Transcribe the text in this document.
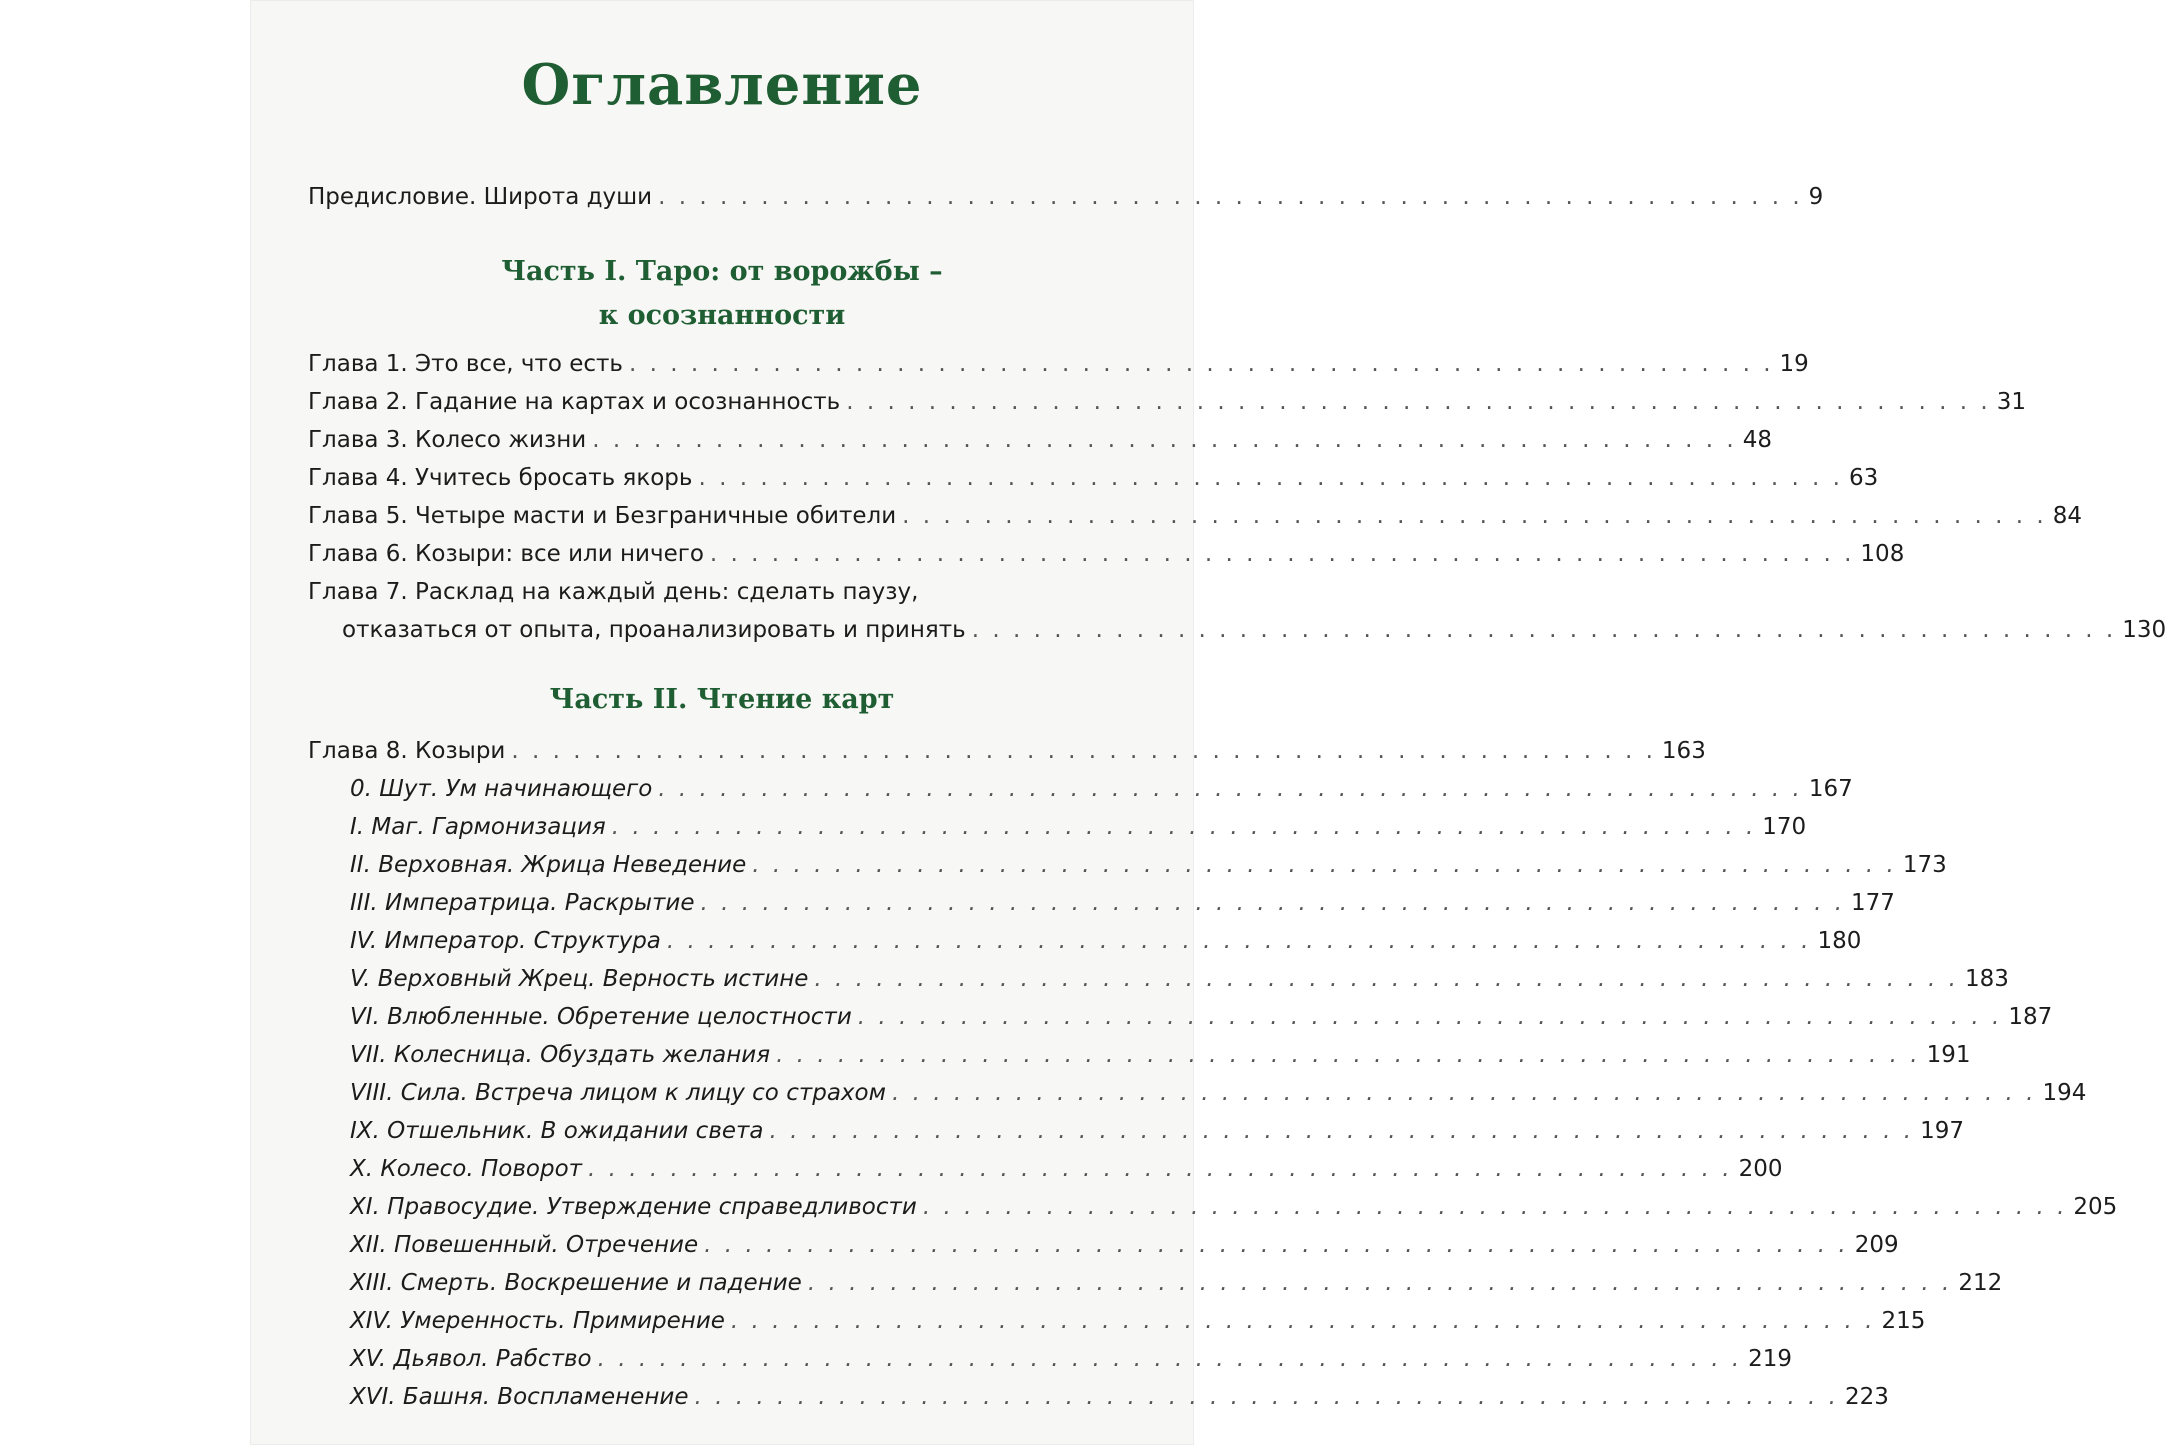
Оглавление
Предисловие. Широта души . . . . . . . . . . . . . . . . . . . . . . . . . . . . . . . . . . . . . . . . . . . . . . . . . . . . . . . . 9
Часть I. Таро: от ворожбы –
к осознанности
Глава 1. Это все, что есть . . . . . . . . . . . . . . . . . . . . . . . . . . . . . . . . . . . . . . . . . . . . . . . . . . . . . . . . 19
Глава 2. Гадание на картах и осознанность . . . . . . . . . . . . . . . . . . . . . . . . . . . . . . . . . . . . . . . . . . . . . . . . . . . . . . . . 31
Глава 3. Колесо жизни . . . . . . . . . . . . . . . . . . . . . . . . . . . . . . . . . . . . . . . . . . . . . . . . . . . . . . . . 48
Глава 4. Учитесь бросать якорь . . . . . . . . . . . . . . . . . . . . . . . . . . . . . . . . . . . . . . . . . . . . . . . . . . . . . . . . 63
Глава 5. Четыре масти и Безграничные обители . . . . . . . . . . . . . . . . . . . . . . . . . . . . . . . . . . . . . . . . . . . . . . . . . . . . . . . . 84
Глава 6. Козыри: все или ничего . . . . . . . . . . . . . . . . . . . . . . . . . . . . . . . . . . . . . . . . . . . . . . . . . . . . . . . . 108
Глава 7. Расклад на каждый день: сделать паузу,
отказаться от опыта, проанализировать и принять . . . . . . . . . . . . . . . . . . . . . . . . . . . . . . . . . . . . . . . . . . . . . . . . . . . . . . . . 130
Часть II. Чтение карт
Глава 8. Козыри . . . . . . . . . . . . . . . . . . . . . . . . . . . . . . . . . . . . . . . . . . . . . . . . . . . . . . . . 163
0. Шут. Ум начинающего . . . . . . . . . . . . . . . . . . . . . . . . . . . . . . . . . . . . . . . . . . . . . . . . . . . . . . . . 167
I. Маг. Гармонизация . . . . . . . . . . . . . . . . . . . . . . . . . . . . . . . . . . . . . . . . . . . . . . . . . . . . . . . . 170
II. Верховная. Жрица Неведение . . . . . . . . . . . . . . . . . . . . . . . . . . . . . . . . . . . . . . . . . . . . . . . . . . . . . . . . 173
III. Императрица. Раскрытие . . . . . . . . . . . . . . . . . . . . . . . . . . . . . . . . . . . . . . . . . . . . . . . . . . . . . . . . 177
IV. Император. Структура . . . . . . . . . . . . . . . . . . . . . . . . . . . . . . . . . . . . . . . . . . . . . . . . . . . . . . . . 180
V. Верховный Жрец. Верность истине . . . . . . . . . . . . . . . . . . . . . . . . . . . . . . . . . . . . . . . . . . . . . . . . . . . . . . . . 183
VI. Влюбленные. Обретение целостности . . . . . . . . . . . . . . . . . . . . . . . . . . . . . . . . . . . . . . . . . . . . . . . . . . . . . . . . 187
VII. Колесница. Обуздать желания . . . . . . . . . . . . . . . . . . . . . . . . . . . . . . . . . . . . . . . . . . . . . . . . . . . . . . . . 191
VIII. Сила. Встреча лицом к лицу со страхом . . . . . . . . . . . . . . . . . . . . . . . . . . . . . . . . . . . . . . . . . . . . . . . . . . . . . . . . 194
IX. Отшельник. В ожидании света . . . . . . . . . . . . . . . . . . . . . . . . . . . . . . . . . . . . . . . . . . . . . . . . . . . . . . . . 197
X. Колесо. Поворот . . . . . . . . . . . . . . . . . . . . . . . . . . . . . . . . . . . . . . . . . . . . . . . . . . . . . . . . 200
XI. Правосудие. Утверждение справедливости . . . . . . . . . . . . . . . . . . . . . . . . . . . . . . . . . . . . . . . . . . . . . . . . . . . . . . . . 205
XII. Повешенный. Отречение . . . . . . . . . . . . . . . . . . . . . . . . . . . . . . . . . . . . . . . . . . . . . . . . . . . . . . . . 209
XIII. Смерть. Воскрешение и падение . . . . . . . . . . . . . . . . . . . . . . . . . . . . . . . . . . . . . . . . . . . . . . . . . . . . . . . . 212
XIV. Умеренность. Примирение . . . . . . . . . . . . . . . . . . . . . . . . . . . . . . . . . . . . . . . . . . . . . . . . . . . . . . . . 215
XV. Дьявол. Рабство . . . . . . . . . . . . . . . . . . . . . . . . . . . . . . . . . . . . . . . . . . . . . . . . . . . . . . . . 219
XVI. Башня. Воспламенение . . . . . . . . . . . . . . . . . . . . . . . . . . . . . . . . . . . . . . . . . . . . . . . . . . . . . . . . 223
